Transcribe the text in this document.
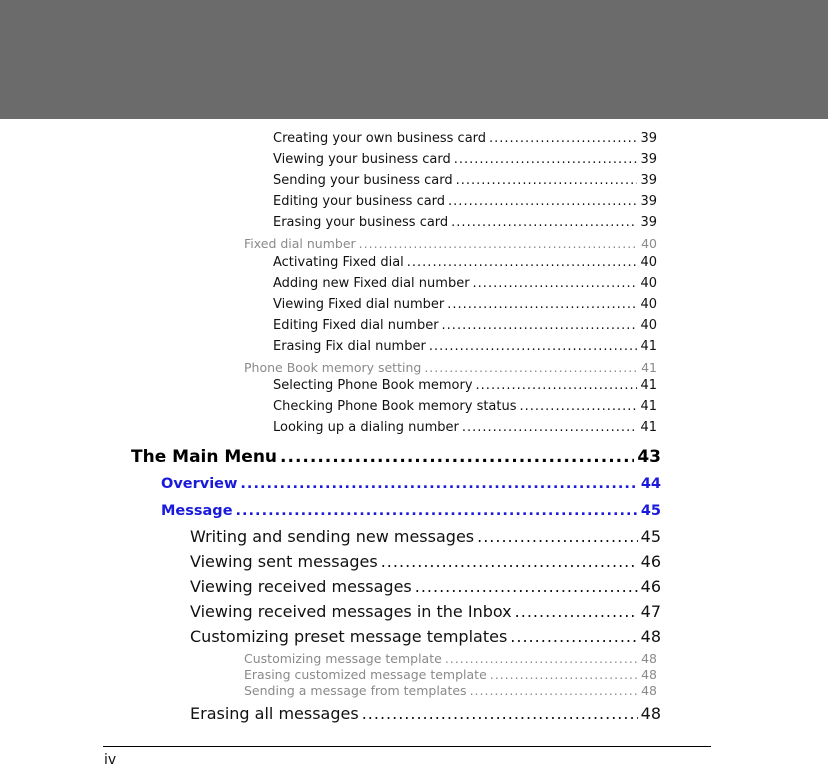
Creating your own business card .....	39
Viewing your business card .....	39
Sending your business card .....	39
Editing your business card .....	39
Erasing your business card .....	39
Fixed dial number .....	40
Activating Fixed dial .....	40
Adding new Fixed dial number .....	40
Viewing Fixed dial number .....	40
Editing Fixed dial number .....	40
Erasing Fix dial number .....	41
Phone Book memory setting .....	41
Selecting Phone Book memory .....	41
Checking Phone Book memory status .....	41
Looking up a dialing number .....	41
The Main Menu .....	43
Overview .....	44
Message .....	45
Writing and sending new messages .....	45
Viewing sent messages .....	46
Viewing received messages .....	46
Viewing received messages in the Inbox .....	47
Customizing preset message templates .....	48
Customizing message template .....	48
Erasing customized message template .....	48
Sending a message from templates .....	48
Erasing all messages .....	48
iv
